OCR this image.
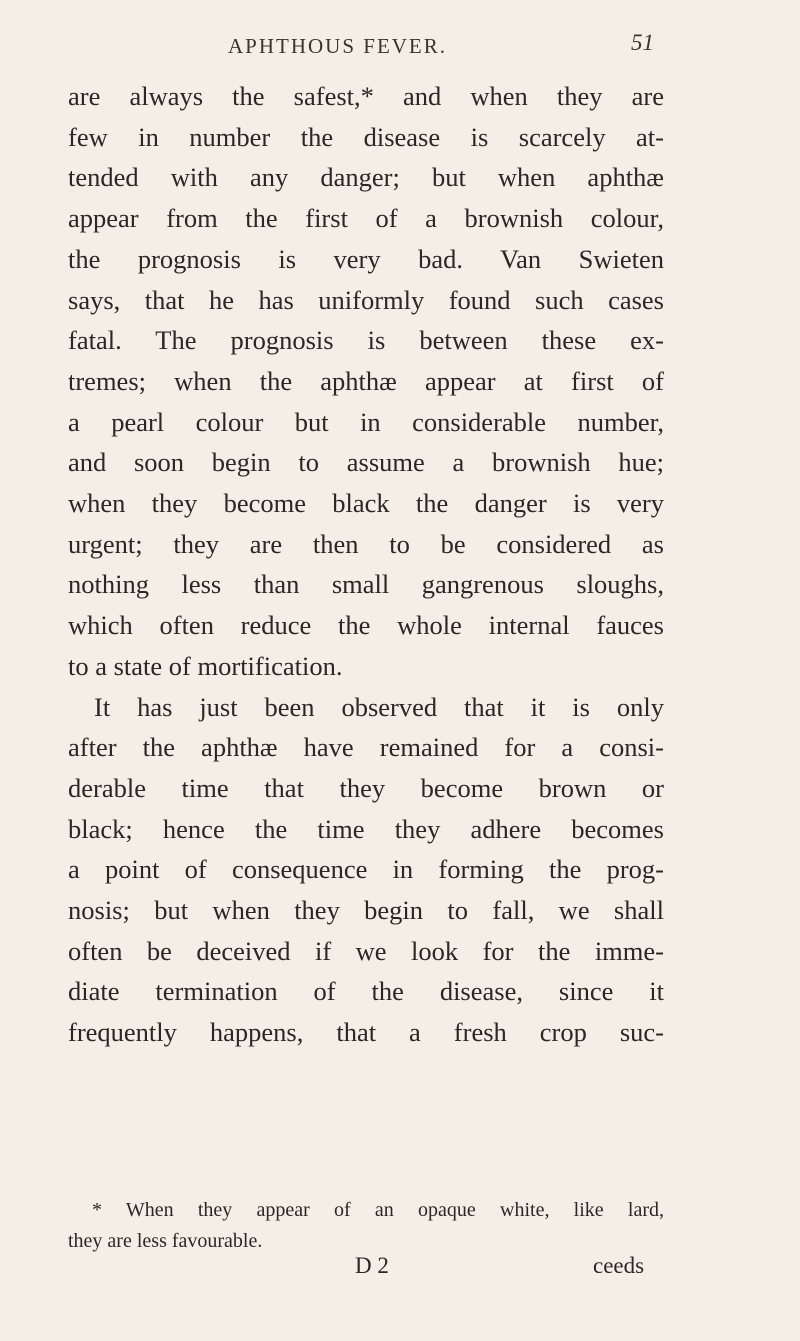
APHTHOUS FEVER.	51
are always the safest,* and when they are
few in number the disease is scarcely at-
tended with any danger; but when aphthæ
appear from the first of a brownish colour,
the prognosis is very bad. Van Swieten
says, that he has uniformly found such cases
fatal. The prognosis is between these ex-
tremes; when the aphthæ appear at first of
a pearl colour but in considerable number,
and soon begin to assume a brownish hue;
when they become black the danger is very
urgent; they are then to be considered as
nothing less than small gangrenous sloughs,
which often reduce the whole internal fauces
to a state of mortification.
It has just been observed that it is only
after the aphthæ have remained for a consi-
derable time that they become brown or
black; hence the time they adhere becomes
a point of consequence in forming the prog-
nosis; but when they begin to fall, we shall
often be deceived if we look for the imme-
diate termination of the disease, since it
frequently happens, that a fresh crop suc-
* When they appear of an opaque white, like lard,
they are less favourable.
D 2	ceeds
